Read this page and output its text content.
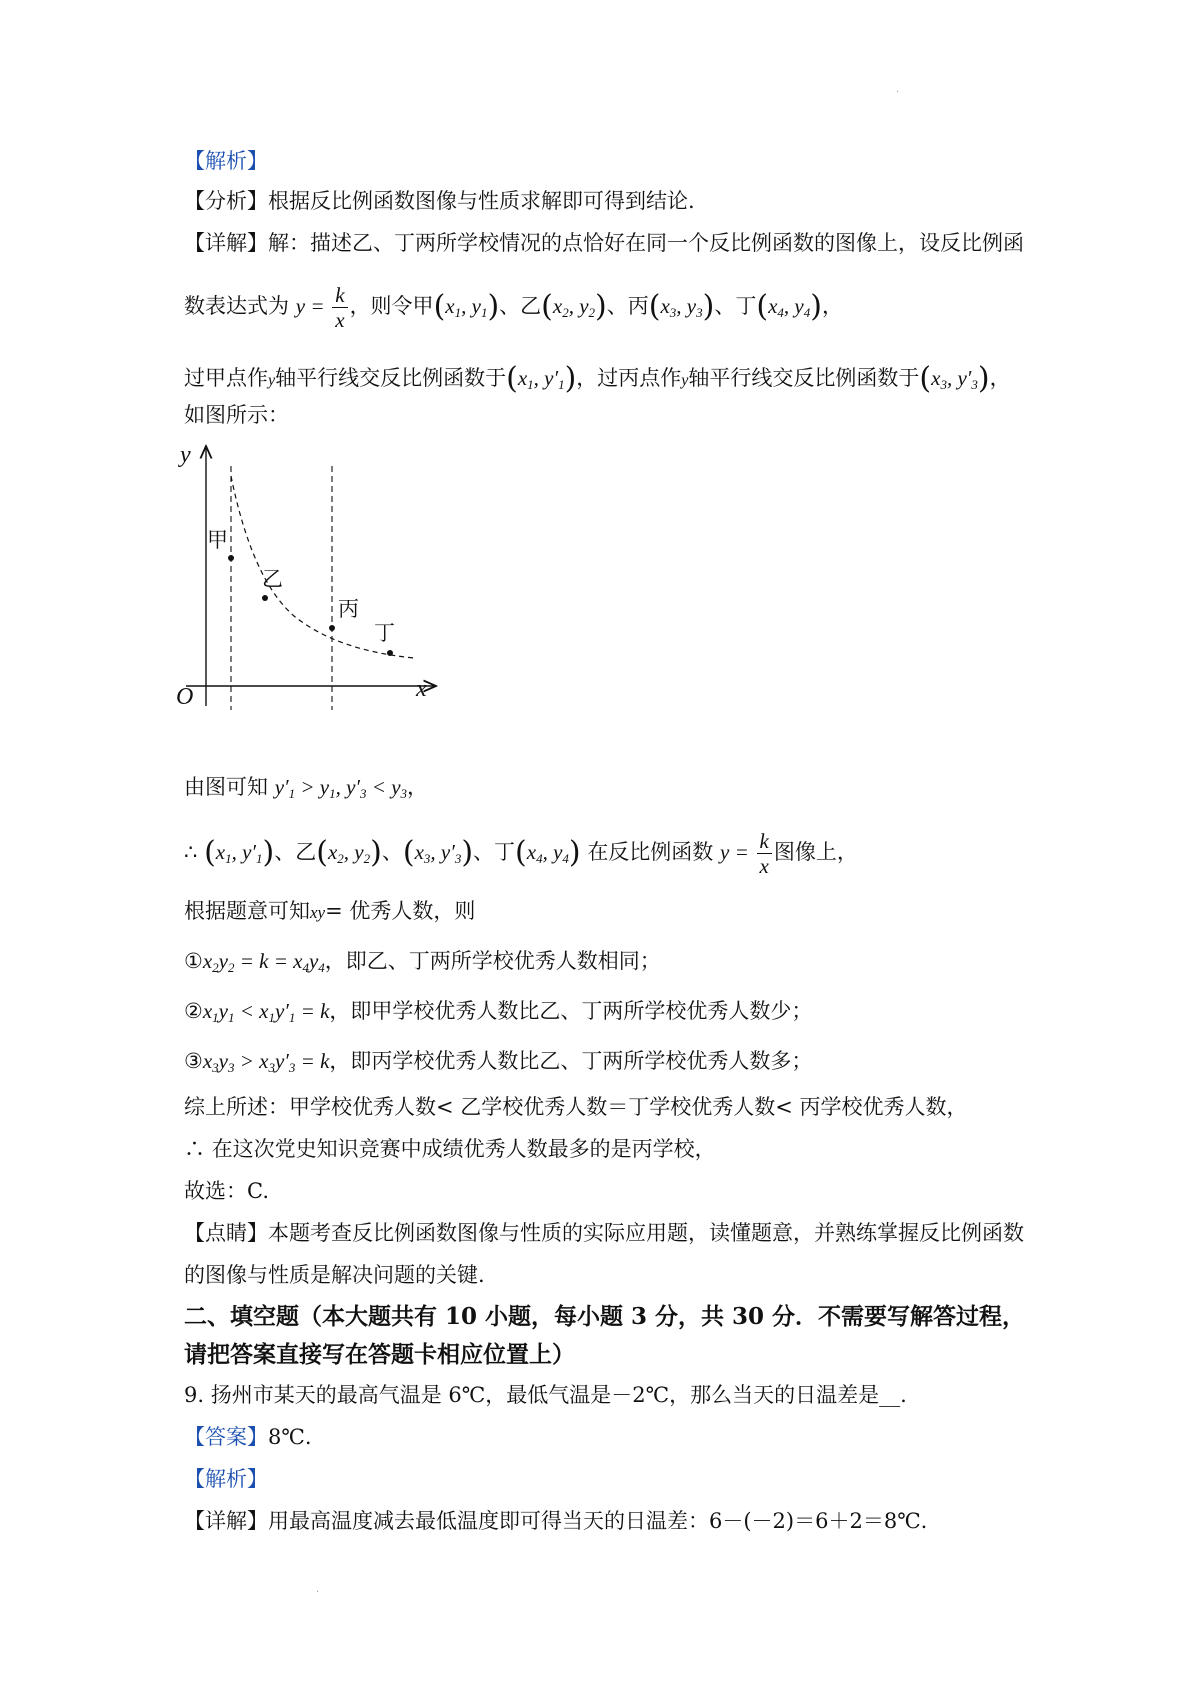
.
.
【解析】
【分析】根据反比例函数图像与性质求解即可得到结论.
【详解】解：描述乙、丁两所学校情况的点恰好在同一个反比例函数的图像上，设反比例函
数表达式为 $y = \frac{k}{x}$ ，则令甲($x_1$, $y_1$)、乙($x_2$, $y_2$)、丙($x_3$, $y_3$)、丁($x_4$, $y_4$)，
过甲点作y轴平行线交反比例函数于($x_1$, $y'_1$)，过丙点作y轴平行线交反比例函数于($x_3$, $y'_3$)，
如图所示：
y
x
O
甲
乙
丙
丁
由图可知 $y'_1 > y_1$, $y'_3 < y_3$，
∴ ($x_1$, $y'_1$)、乙($x_2$, $y_2$)、($x_3$, $y'_3$)、丁($x_4$, $y_4$) 在反比例函数 $y = \frac{k}{x}$ 图像上，
根据题意可知xy= 优秀人数，则
$①x_2y_2 = k = x_4y_4$，即乙、丁两所学校优秀人数相同；
$②x_1y_1 < x_1y'_1 = k$，即甲学校优秀人数比乙、丁两所学校优秀人数少；
$③x_3y_3 > x_3y'_3 = k$，即丙学校优秀人数比乙、丁两所学校优秀人数多；
综上所述：甲学校优秀人数< 乙学校优秀人数＝丁学校优秀人数< 丙学校优秀人数，
∴ 在这次党史知识竞赛中成绩优秀人数最多的是丙学校，
故选：C.
【点睛】本题考查反比例函数图像与性质的实际应用题，读懂题意，并熟练掌握反比例函数
的图像与性质是解决问题的关键.
二、填空题（本大题共有 10 小题，每小题 3 分，共 30 分．不需要写解答过程，
请把答案直接写在答题卡相应位置上）
9. 扬州市某天的最高气温是 6℃，最低气温是－2℃，那么当天的日温差是__.
【答案】8℃.
【解析】
【详解】用最高温度减去最低温度即可得当天的日温差：6－(－2)＝6＋2＝8℃.
